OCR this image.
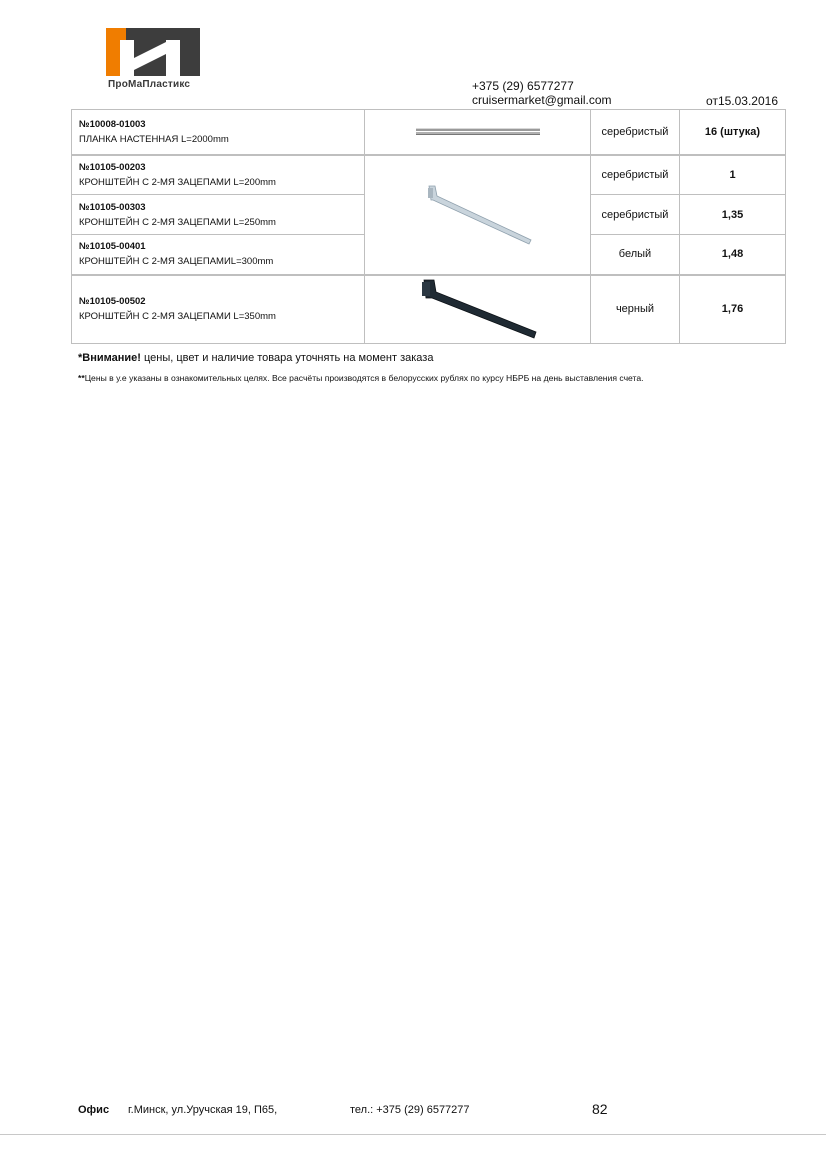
ПроМаПластикс	+375 (29) 6577277
cruisermarket@gmail.com	от15.03.2016
№10008-01003
ПЛАНКА НАСТЕННАЯ L=2000mm		серебристый	16 (штука)

№10105-00203
КРОНШТЕЙН С 2-МЯ ЗАЦЕПАМИ L=200mm		серебристый	1

№10105-00303
КРОНШТЕЙН С 2-МЯ ЗАЦЕПАМИ L=250mm		серебристый	1,35

№10105-00401
КРОНШТЕЙН С 2-МЯ ЗАЦЕПАМИL=300mm		белый	1,48

№10105-00502
КРОНШТЕЙН С 2-МЯ ЗАЦЕПАМИ L=350mm		черный	1,76
*Внимание! цены, цвет и наличие товара уточнять на момент заказа
**Цены в у.е указаны в ознакомительных целях. Все расчёты производятся в белорусских рублях по курсу НБРБ на день выставления счета.
Офис г.Минск, ул.Уручская 19, П65,	тел.: +375 (29) 6577277	82
